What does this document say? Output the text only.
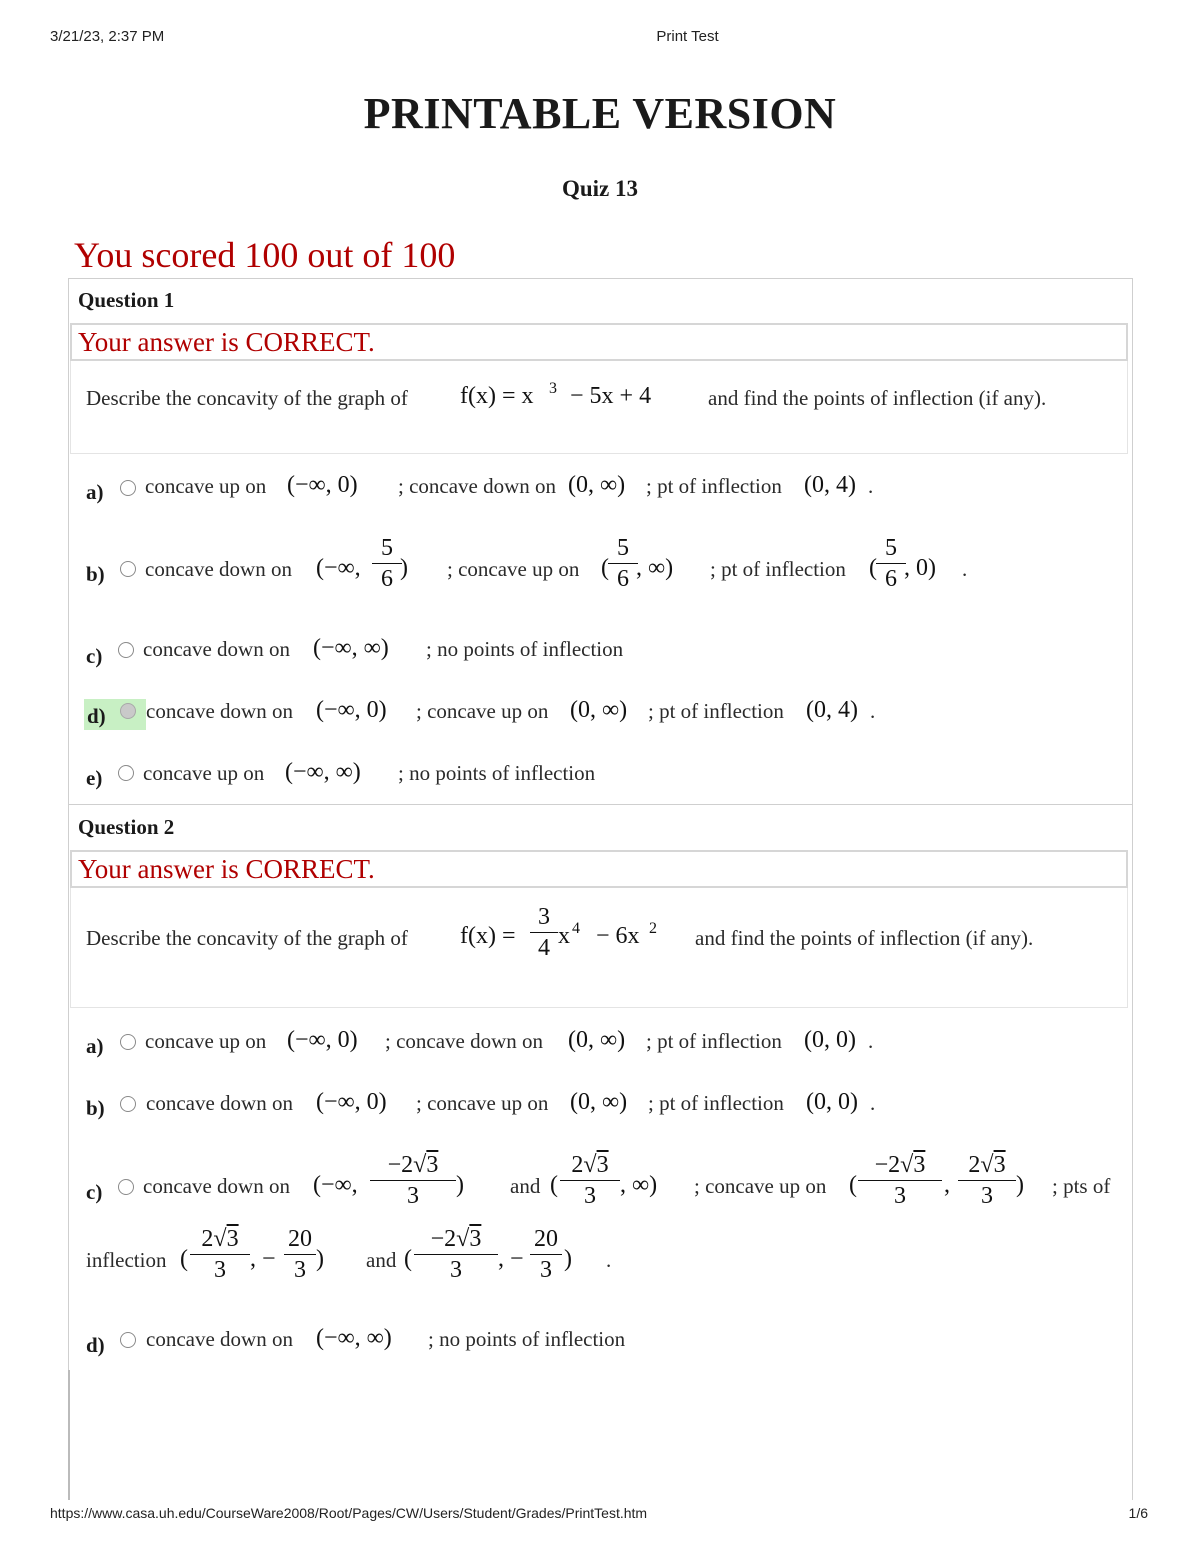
3/21/23, 2:37 PM	Print Test
PRINTABLE VERSION
Quiz 13
You scored 100 out of 100
Question 1
Your answer is CORRECT.
Describe the concavity of the graph of f(x) = x 3 − 5x + 4	and find the points of inflection (if any).
a) concave up on (−∞, 0) ; concave down on (0, ∞) ; pt of inflection (0, 4) .
b) concave down on (−∞,
5
6 ) ; concave up on (
5
6 , ∞) ; pt of inflection (
5
6 , 0) .
c) concave down on (−∞, ∞) ; no points of inflection
d) concave down on (−∞, 0) ; concave up on (0, ∞) ; pt of inflection (0, 4) .
e) concave up on (−∞, ∞) ; no points of inflection
Question 2
Your answer is CORRECT.
Describe the concavity of the graph of f(x) =
3
4 x 4 − 6x 2 and find the points of inflection (if any).
a) concave up on (−∞, 0) ; concave down on (0, ∞) ; pt of inflection (0, 0) .
b) concave down on (−∞, 0) ; concave up on (0, ∞) ; pt of inflection (0, 0) .
c) concave down on (−∞,
−2√3
3	) and (
2√3
3	, ∞) ; concave up on (
−2√3
3	,
2√3
3 ) ; pts of
inflection (
2√3
3	, −
20
3 ) and (
−2√3
3	, −
20
3 ) .
d) concave down on (−∞, ∞) ; no points of inflection
https://www.casa.uh.edu/CourseWare2008/Root/Pages/CW/Users/Student/Grades/PrintTest.htm	1/6
